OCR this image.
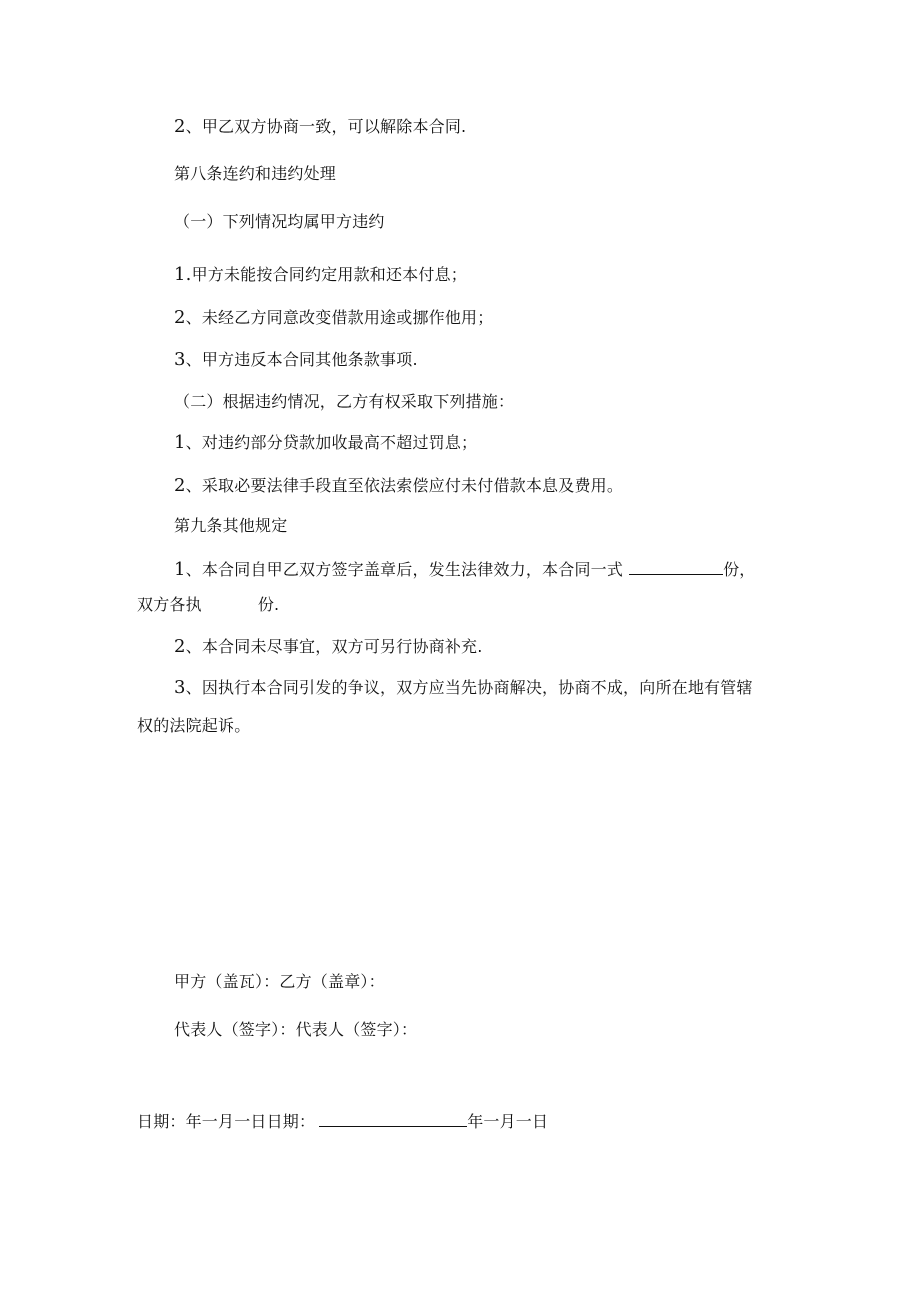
2、甲乙双方协商一致，可以解除本合同.
第八条连约和违约处理
（一）下列情况均属甲方违约
1.甲方未能按合同约定用款和还本付息；
2、未经乙方同意改变借款用途或挪作他用；
3、甲方违反本合同其他条款事项.
（二）根据违约情况，乙方有权采取下列措施：
1、对违约部分贷款加收最高不超过罚息；
2、采取必要法律手段直至依法索偿应付未付借款本息及费用。
第九条其他规定
1、本合同自甲乙双方签字盖章后，发生法律效力，本合同一式	份，
双方各执	份.
2、本合同未尽事宜，双方可另行协商补充.
3、因执行本合同引发的争议，双方应当先协商解决，协商不成，向所在地有管辖
权的法院起诉。
甲方（盖瓦）：乙方（盖章）：
代表人（签字）：代表人（签字）：
日期：年一月一日日期：	年一月一日
